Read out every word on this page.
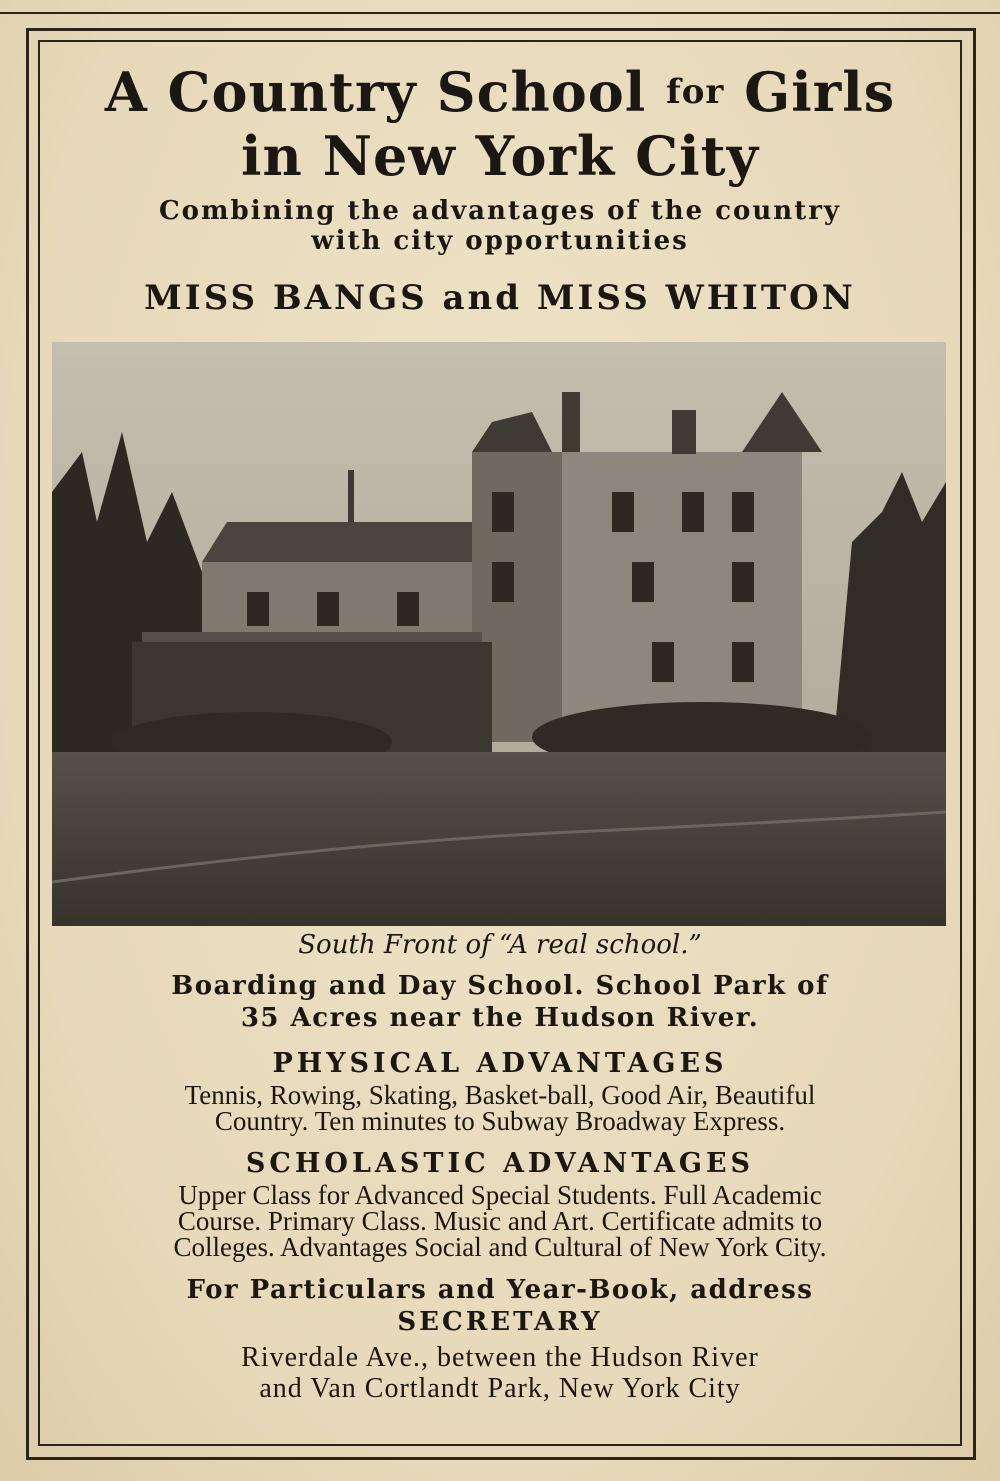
A Country School for Girls
in New York City
Combining the advantages of the country
with city opportunities
MISS BANGS and MISS WHITON
South Front of “A real school.”
Boarding and Day School. School Park of
35 Acres near the Hudson River.
PHYSICAL ADVANTAGES
Tennis, Rowing, Skating, Basket-ball, Good Air, Beautiful
Country. Ten minutes to Subway Broadway Express.
SCHOLASTIC ADVANTAGES
Upper Class for Advanced Special Students. Full Academic
Course. Primary Class. Music and Art. Certificate admits to
Colleges. Advantages Social and Cultural of New York City.
For Particulars and Year-Book, address
SECRETARY
Riverdale Ave., between the Hudson River
and Van Cortlandt Park, New York City
